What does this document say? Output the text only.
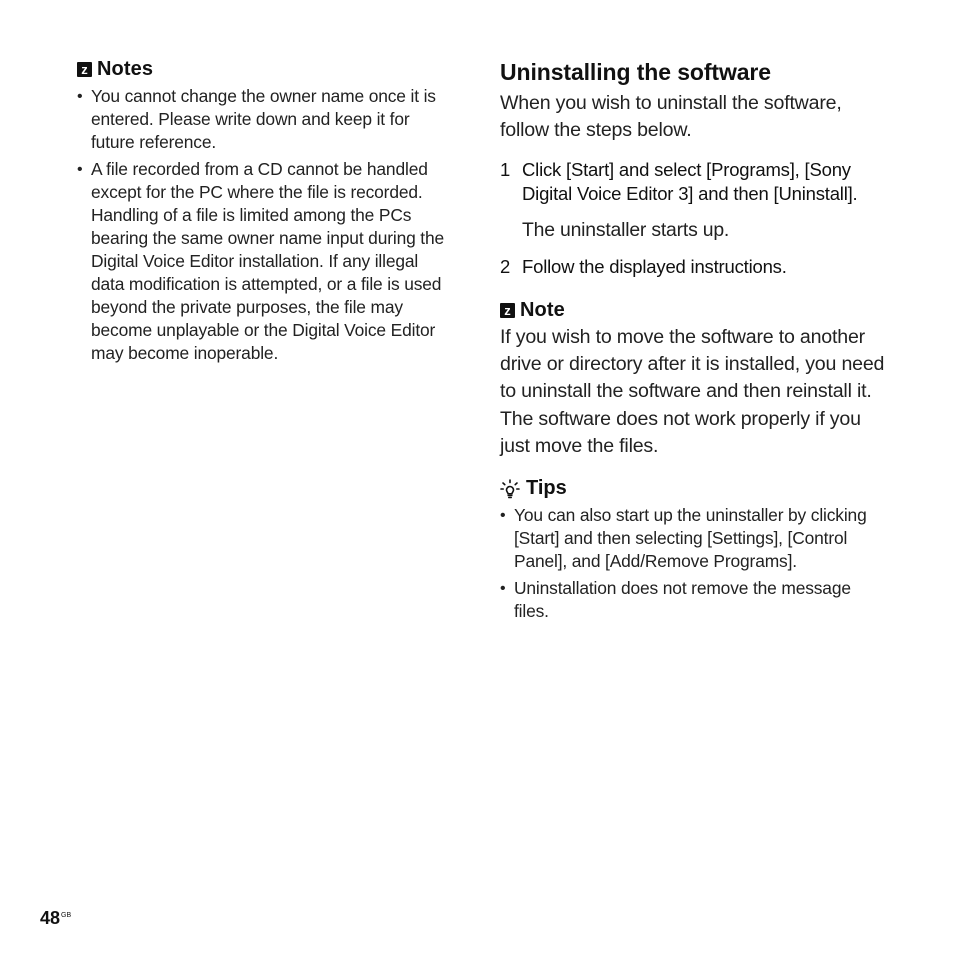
z Notes
• You cannot change the owner name once it is entered. Please write down and keep it for future reference.
• A file recorded from a CD cannot be handled except for the PC where the file is recorded. Handling of a file is limited among the PCs bearing the same owner name input during the Digital Voice Editor installation. If any illegal data modification is attempted, or a file is used beyond the private purposes, the file may become unplayable or the Digital Voice Editor may become inoperable.
Uninstalling the software
When you wish to uninstall the software, follow the steps below.
1 Click [Start] and select [Programs], [Sony Digital Voice Editor 3] and then [Uninstall].
The uninstaller starts up.
2 Follow the displayed instructions.
z Note
If you wish to move the software to another drive or directory after it is installed, you need to uninstall the software and then reinstall it. The software does not work properly if you just move the files.
Tips
• You can also start up the uninstaller by clicking [Start] and then selecting [Settings], [Control Panel], and [Add/Remove Programs].
• Uninstallation does not remove the message files.
$48^{GB}$
